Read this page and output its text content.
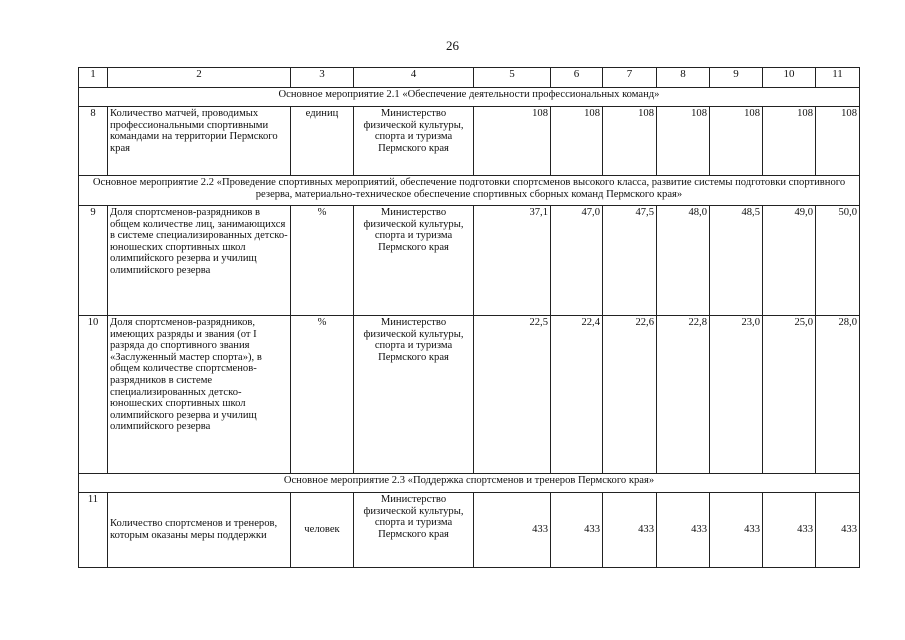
26
1	2	3	4	5	6	7	8	9	10	11
Основное мероприятие 2.1 «Обеспечение деятельности профессиональных команд»										
8	Количество матчей, проводимых профессиональными спортивными командами на территории Пермского края	единиц	Министерство физической культуры, спорта и туризма Пермского края	108	108	108	108	108	108	108
Основное мероприятие 2.2 «Проведение спортивных мероприятий, обеспечение подготовки спортсменов высокого класса, развитие системы подготовки спортивного резерва, материально-техническое обеспечение спортивных сборных команд Пермского края»										
9	Доля спортсменов-разрядников в общем количестве лиц, занимающихся в системе специализированных детско-юношеских спортивных школ олимпийского резерва и училищ олимпийского резерва	%	Министерство физической культуры, спорта и туризма Пермского края	37,1	47,0	47,5	48,0	48,5	49,0	50,0
10	Доля спортсменов-разрядников, имеющих разряды и звания (от I разряда до спортивного звания «Заслуженный мастер спорта»), в общем количестве спортсменов-разрядников в системе специализированных детско-юношеских спортивных школ олимпийского резерва и училищ олимпийского резерва	%	Министерство физической культуры, спорта и туризма Пермского края	22,5	22,4	22,6	22,8	23,0	25,0	28,0
Основное мероприятие 2.3 «Поддержка спортсменов и тренеров Пермского края»										
11	Количество спортсменов и тренеров, которым оказаны меры поддержки	человек	Министерство физической культуры, спорта и туризма Пермского края	433	433	433	433	433	433	433
